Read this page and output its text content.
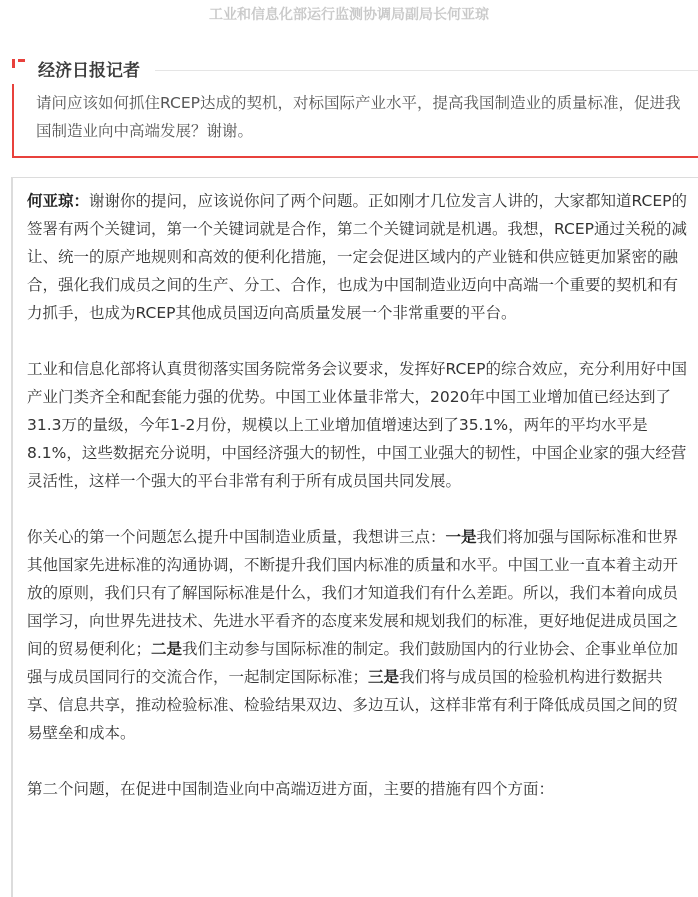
工业和信息化部运行监测协调局副局长何亚琼
经济日报记者
请问应该如何抓住RCEP达成的契机，对标国际产业水平，提高我国制造业的质量标准，促进我国制造业向中高端发展？谢谢。

何亚琼：谢谢你的提问，应该说你问了两个问题。正如刚才几位发言人讲的，大家都知道RCEP的签署有两个关键词，第一个关键词就是合作，第二个关键词就是机遇。我想，RCEP通过关税的减让、统一的原产地规则和高效的便利化措施，一定会促进区域内的产业链和供应链更加紧密的融合，强化我们成员之间的生产、分工、合作，也成为中国制造业迈向中高端一个重要的契机和有力抓手，也成为RCEP其他成员国迈向高质量发展一个非常重要的平台。

工业和信息化部将认真贯彻落实国务院常务会议要求，发挥好RCEP的综合效应，充分利用好中国产业门类齐全和配套能力强的优势。中国工业体量非常大，2020年中国工业增加值已经达到了31.3万的量级，今年1-2月份，规模以上工业增加值增速达到了35.1%，两年的平均水平是8.1%，这些数据充分说明，中国经济强大的韧性，中国工业强大的韧性，中国企业家的强大经营灵活性，这样一个强大的平台非常有利于所有成员国共同发展。

你关心的第一个问题怎么提升中国制造业质量，我想讲三点：一是我们将加强与国际标准和世界其他国家先进标准的沟通协调，不断提升我们国内标准的质量和水平。中国工业一直本着主动开放的原则，我们只有了解国际标准是什么，我们才知道我们有什么差距。所以，我们本着向成员国学习，向世界先进技术、先进水平看齐的态度来发展和规划我们的标准，更好地促进成员国之间的贸易便利化；二是我们主动参与国际标准的制定。我们鼓励国内的行业协会、企事业单位加强与成员国同行的交流合作，一起制定国际标准；三是我们将与成员国的检验机构进行数据共享、信息共享，推动检验标准、检验结果双边、多边互认，这样非常有利于降低成员国之间的贸易壁垒和成本。

第二个问题，在促进中国制造业向中高端迈进方面，主要的措施有四个方面：
